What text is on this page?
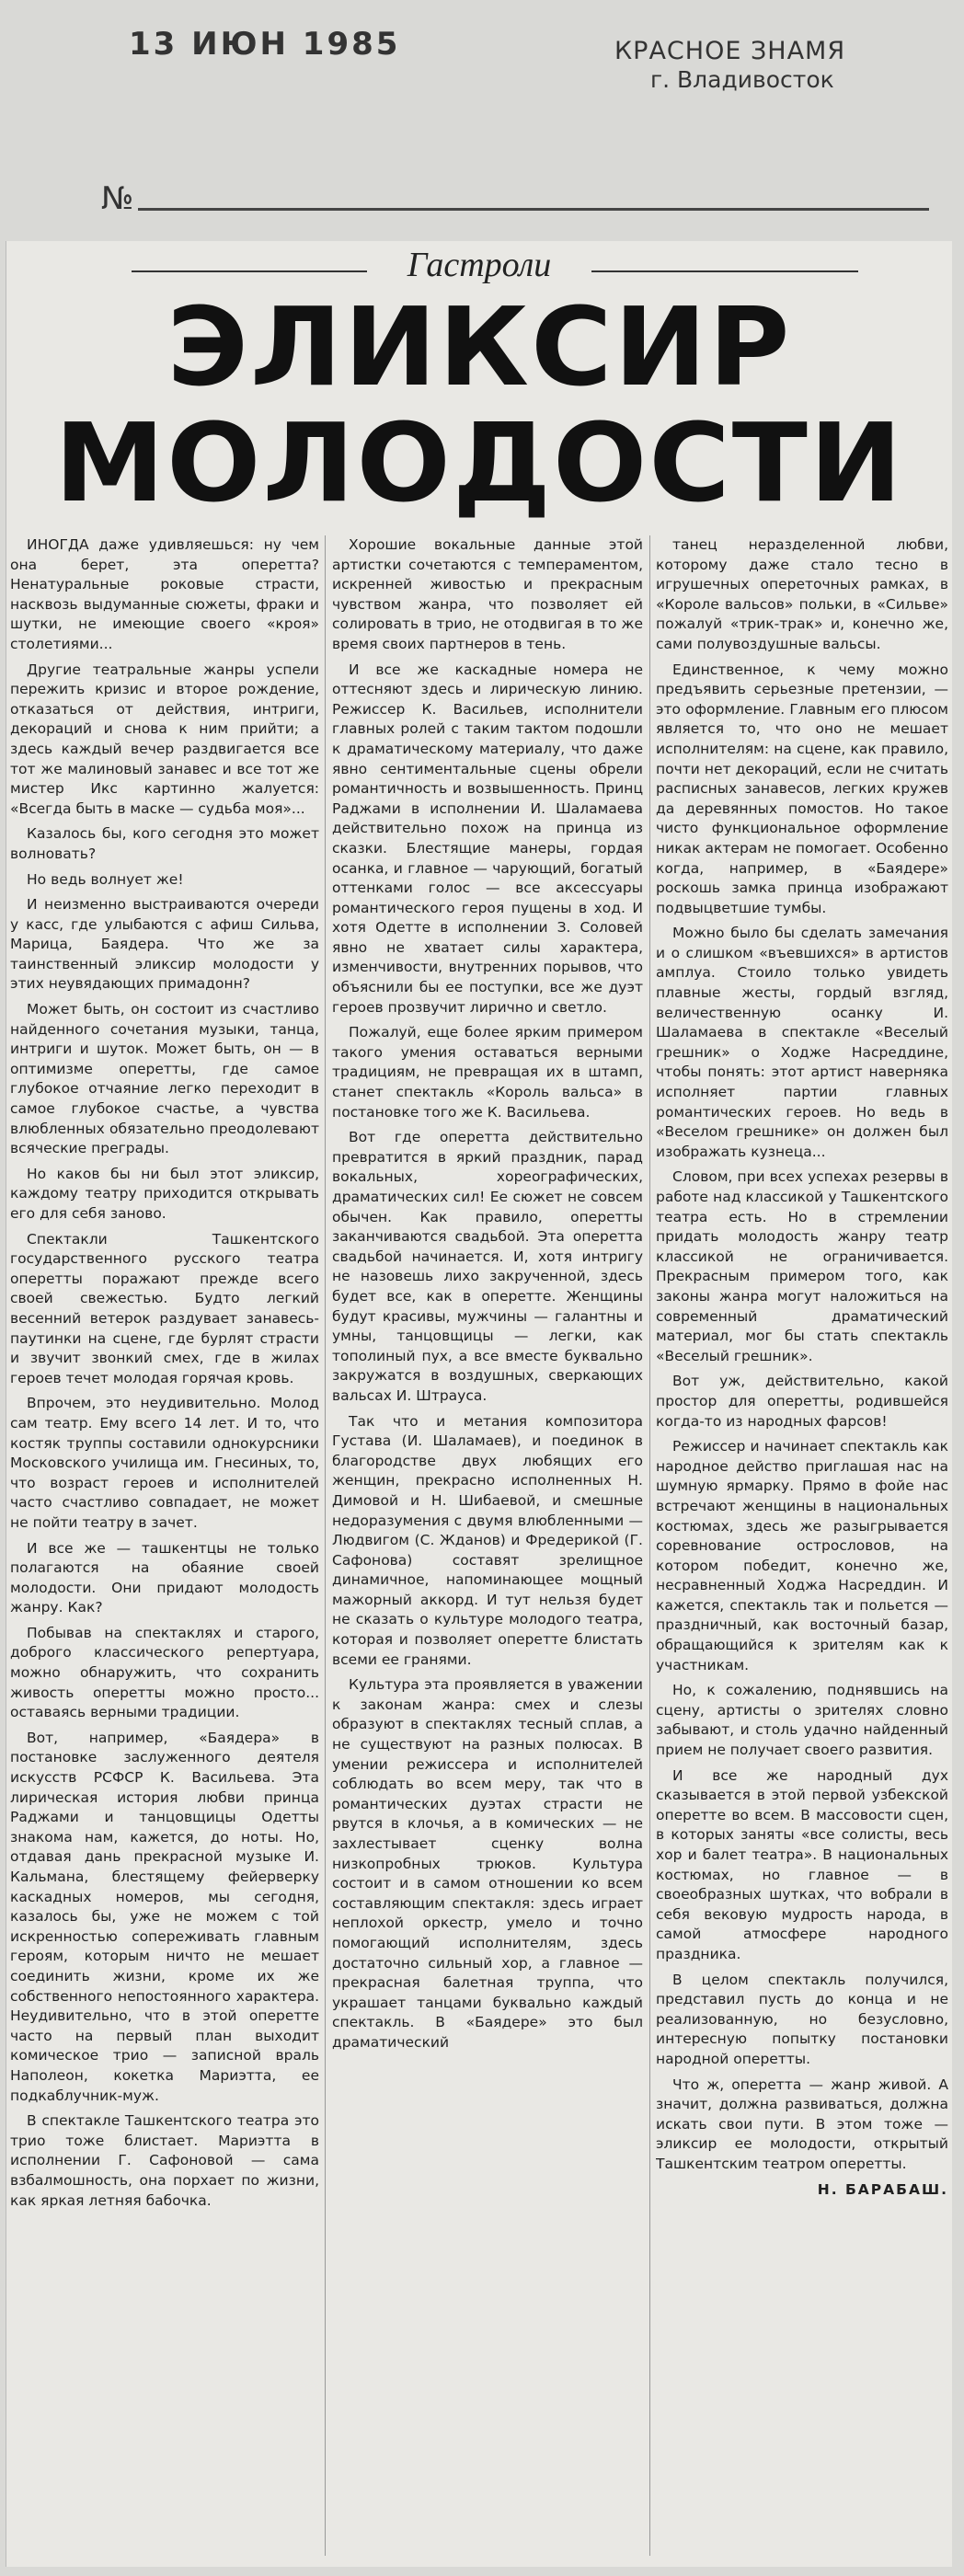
13 ИЮН 1985	КРАСНОЕ ЗНАМЯ
г. Владивосток
№
Гастроли
ЭЛИКСИР
МОЛОДОСТИ

ИНОГДА даже удивляешься: ну чем она берет, эта оперетта? Ненатуральные роковые страсти, насквозь выдуманные сюжеты, фраки и шутки, не имеющие своего «кроя» столетиями...

Другие театральные жанры успели пережить кризис и второе рождение, отказаться от действия, интриги, декораций и снова к ним прийти; а здесь каждый вечер раздвигается все тот же малиновый занавес и все тот же мистер Икс картинно жалуется: «Всегда быть в маске — судьба моя»...

Казалось бы, кого сегодня это может волновать?

Но ведь волнует же!

И неизменно выстраиваются очереди у касс, где улыбаются с афиш Сильва, Марица, Баядера. Что же за таинственный эликсир молодости у этих неувядающих примадонн?

Может быть, он состоит из счастливо найденного сочетания музыки, танца, интриги и шуток. Может быть, он — в оптимизме оперетты, где самое глубокое отчаяние легко переходит в самое глубокое счастье, а чувства влюбленных обязательно преодолевают всяческие преграды.

Но каков бы ни был этот эликсир, каждому театру приходится открывать его для себя заново.

Спектакли Ташкентского государственного русского театра оперетты поражают прежде всего своей свежестью. Будто легкий весенний ветерок раздувает занавесь-паутинки на сцене, где бурлят страсти и звучит звонкий смех, где в жилах героев течет молодая горячая кровь.

Впрочем, это неудивительно. Молод сам театр. Ему всего 14 лет. И то, что костяк труппы составили однокурсники Московского училища им. Гнесиных, то, что возраст героев и исполнителей часто счастливо совпадает, не может не пойти театру в зачет.

И все же — ташкентцы не только полагаются на обаяние своей молодости. Они придают молодость жанру. Как?

Побывав на спектаклях и старого, доброго классического репертуара, можно обнаружить, что сохранить живость оперетты можно просто... оставаясь верными традиции.

Вот, например, «Баядера» в постановке заслуженного деятеля искусств РСФСР К. Васильева. Эта лирическая история любви принца Раджами и танцовщицы Одетты знакома нам, кажется, до ноты. Но, отдавая дань прекрасной музыке И. Кальмана, блестящему фейерверку каскадных номеров, мы сегодня, казалось бы, уже не можем с той искренностью сопереживать главным героям, которым ничто не мешает соединить жизни, кроме их же собственного непостоянного характера. Неудивительно, что в этой оперетте часто на первый план выходит комическое трио — записной враль Наполеон, кокетка Мариэтта, ее подкаблучник-муж.

В спектакле Ташкентского театра это трио тоже блистает. Мариэтта в исполнении Г. Сафоновой — сама взбалмошность, она порхает по жизни, как яркая летняя бабочка.

Хорошие вокальные данные этой артистки сочетаются с темпераментом, искренней живостью и прекрасным чувством жанра, что позволяет ей солировать в трио, не отодвигая в то же время своих партнеров в тень.

И все же каскадные номера не оттесняют здесь и лирическую линию. Режиссер К. Васильев, исполнители главных ролей с таким тактом подошли к драматическому материалу, что даже явно сентиментальные сцены обрели романтичность и возвышенность. Принц Раджами в исполнении И. Шаламаева действительно похож на принца из сказки. Блестящие манеры, гордая осанка, и главное — чарующий, богатый оттенками голос — все аксессуары романтического героя пущены в ход. И хотя Одетте в исполнении З. Соловей явно не хватает силы характера, изменчивости, внутренних порывов, что объяснили бы ее поступки, все же дуэт героев прозвучит лирично и светло.

Пожалуй, еще более ярким примером такого умения оставаться верными традициям, не превращая их в штамп, станет спектакль «Король вальса» в постановке того же К. Васильева.

Вот где оперетта действительно превратится в яркий праздник, парад вокальных, хореографических, драматических сил! Ее сюжет не совсем обычен. Как правило, оперетты заканчиваются свадьбой. Эта оперетта свадьбой начинается. И, хотя интригу не назовешь лихо закрученной, здесь будет все, как в оперетте. Женщины будут красивы, мужчины — галантны и умны, танцовщицы — легки, как тополиный пух, а все вместе буквально закружатся в воздушных, сверкающих вальсах И. Штрауса.

Так что и метания композитора Густава (И. Шаламаев), и поединок в благородстве двух любящих его женщин, прекрасно исполненных Н. Димовой и Н. Шибаевой, и смешные недоразумения с двумя влюбленными — Людвигом (С. Жданов) и Фредерикой (Г. Сафонова) составят зрелищное динамичное, напоминающее мощный мажорный аккорд. И тут нельзя будет не сказать о культуре молодого театра, которая и позволяет оперетте блистать всеми ее гранями.

Культура эта проявляется в уважении к законам жанра: смех и слезы образуют в спектаклях тесный сплав, а не существуют на разных полюсах. В умении режиссера и исполнителей соблюдать во всем меру, так что в романтических дуэтах страсти не рвутся в клочья, а в комических — не захлестывает сценку волна низкопробных трюков. Культура состоит и в самом отношении ко всем составляющим спектакля: здесь играет неплохой оркестр, умело и точно помогающий исполнителям, здесь достаточно сильный хор, а главное — прекрасная балетная труппа, что украшает танцами буквально каждый спектакль. В «Баядере» это был драматический

танец неразделенной любви, которому даже стало тесно в игрушечных опереточных рамках, в «Короле вальсов» польки, в «Сильве» пожалуй «трик-трак» и, конечно же, сами полувоздушные вальсы.

Единственное, к чему можно предъявить серьезные претензии, — это оформление. Главным его плюсом является то, что оно не мешает исполнителям: на сцене, как правило, почти нет декораций, если не считать расписных занавесов, легких кружев да деревянных помостов. Но такое чисто функциональное оформление никак актерам не помогает. Особенно когда, например, в «Баядере» роскошь замка принца изображают подвыцветшие тумбы.

Можно было бы сделать замечания и о слишком «въевшихся» в артистов амплуа. Стоило только увидеть плавные жесты, гордый взгляд, величественную осанку И. Шаламаева в спектакле «Веселый грешник» о Ходже Насреддине, чтобы понять: этот артист наверняка исполняет партии главных романтических героев. Но ведь в «Веселом грешнике» он должен был изображать кузнеца...

Словом, при всех успехах резервы в работе над классикой у Ташкентского театра есть. Но в стремлении придать молодость жанру театр классикой не ограничивается. Прекрасным примером того, как законы жанра могут наложиться на современный драматический материал, мог бы стать спектакль «Веселый грешник».

Вот уж, действительно, какой простор для оперетты, родившейся когда-то из народных фарсов!

Режиссер и начинает спектакль как народное действо приглашая нас на шумную ярмарку. Прямо в фойе нас встречают женщины в национальных костюмах, здесь же разыгрывается соревнование острословов, на котором победит, конечно же, несравненный Ходжа Насреддин. И кажется, спектакль так и польется — праздничный, как восточный базар, обращающийся к зрителям как к участникам.

Но, к сожалению, поднявшись на сцену, артисты о зрителях словно забывают, и столь удачно найденный прием не получает своего развития.

И все же народный дух сказывается в этой первой узбекской оперетте во всем. В массовости сцен, в которых заняты «все солисты, весь хор и балет театра». В национальных костюмах, но главное — в своеобразных шутках, что вобрали в себя вековую мудрость народа, в самой атмосфере народного праздника.

В целом спектакль получился, представил пусть до конца и не реализованную, но безусловно, интересную попытку постановки народной оперетты.

Что ж, оперетта — жанр живой. А значит, должна развиваться, должна искать свои пути. В этом тоже — эликсир ее молодости, открытый Ташкентским театром оперетты.

Н. БАРАБАШ.
